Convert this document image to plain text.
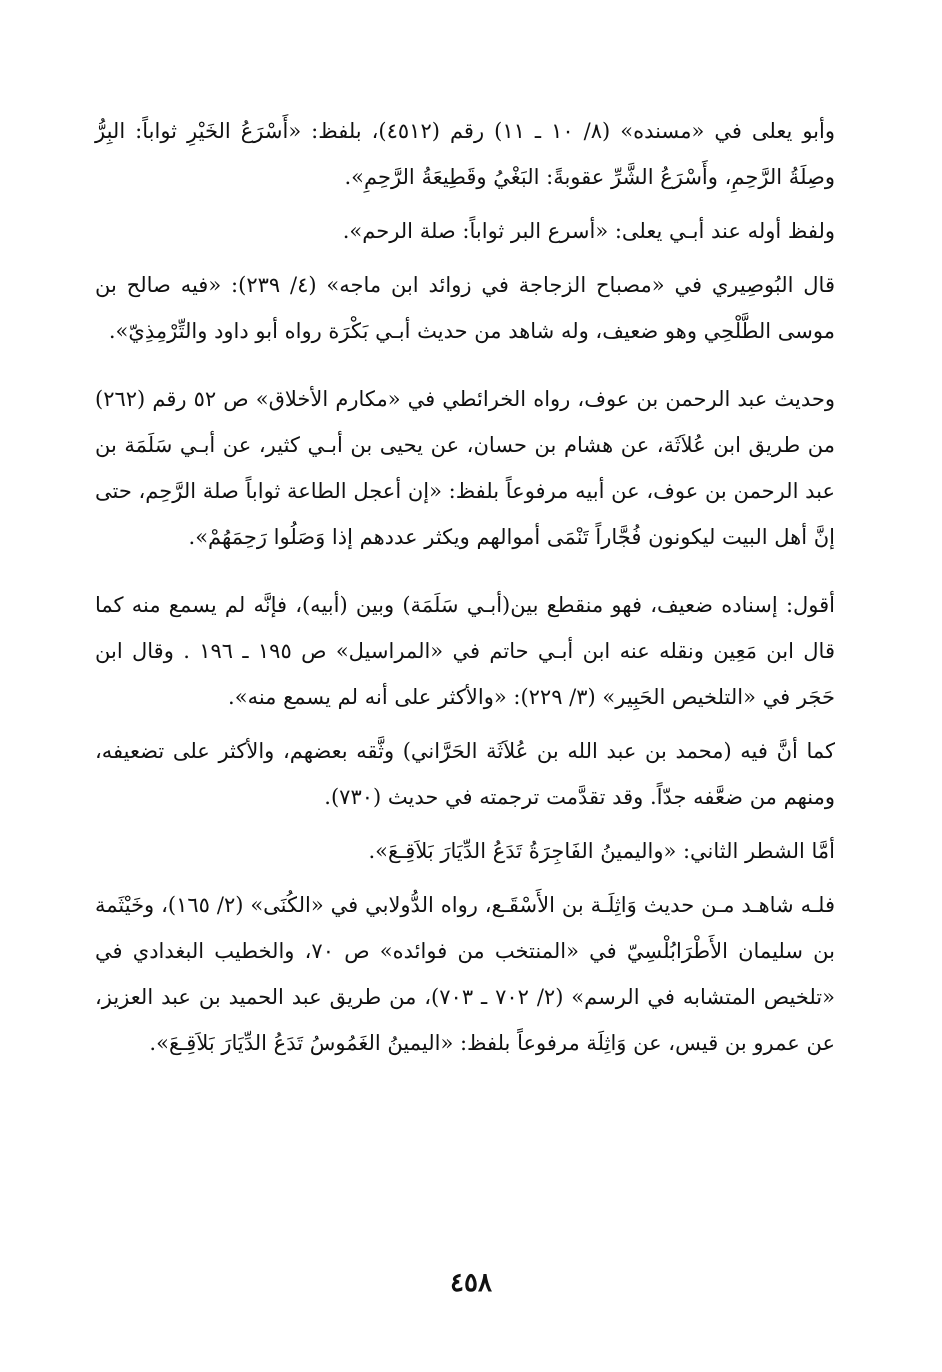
وأبو يعلى في «مسنده» (٨/ ١٠ ـ ١١) رقم (٤٥١٢)، بلفظ: «أَسْرَعُ الخَيْرِ ثواباً: البِرُّ وصِلَةُ الرَّحِمِ، وأَسْرَعُ الشَّرِّ عقوبةً: البَغْيُ وقَطِيعَةُ الرَّحِمِ».

ولفظ أوله عند أبـي يعلى: «أسرع البر ثواباً: صلة الرحم».

قال البُوصِيري في «مصباح الزجاجة في زوائد ابن ماجه» (٤/ ٢٣٩): «فيه صالح بن موسى الطَّلْحِي وهو ضعيف، وله شاهد من حديث أبـي بَكْرَة رواه أبو داود والتِّرْمِذِيّ».

وحديث عبد الرحمن بن عوف، رواه الخرائطي في «مكارم الأخلاق» ص ٥٢ رقم (٢٦٢) من طريق ابن عُلاَثَة، عن هشام بن حسان، عن يحيى بن أبـي كثير، عن أبـي سَلَمَة بن عبد الرحمن بن عوف، عن أبيه مرفوعاً بلفظ: «إن أعجل الطاعة ثواباً صلة الرَّحِم، حتى إنَّ أهل البيت ليكونون فُجَّاراً تَنْمَى أموالهم ويكثر عددهم إذا وَصَلُوا رَحِمَهُمْ».

أقول: إسناده ضعيف، فهو منقطع بين(أبـي سَلَمَة) وبين (أبيه)، فإنَّه لم يسمع منه كما قال ابن مَعِين ونقله عنه ابن أبـي حاتم في «المراسيل» ص ١٩٥ ـ ١٩٦ . وقال ابن حَجَر في «التلخيص الحَبِير» (٣/ ٢٢٩): «والأكثر على أنه لم يسمع منه».

كما أنَّ فيه (محمد بن عبد الله بن عُلاَثَة الحَرَّاني) وثَّقه بعضهم، والأكثر على تضعيفه، ومنهم من ضعَّفه جدّاً. وقد تقدَّمت ترجمته في حديث (٧٣٠).

أمَّا الشطر الثاني: «واليمينُ الفَاجِرَةُ تَدَعُ الدِّيَارَ بَلاَقِـعَ».

فلـه شاهـد مـن حديث وَاثِلَـة بن الأَسْقَـع، رواه الدُّولابي في «الكُنَى» (٢/ ١٦٥)، وخَيْثَمة بن سليمان الأَطْرَابُلْسِيّ في «المنتخب من فوائده» ص ٧٠، والخطيب البغدادي في «تلخيص المتشابه في الرسم» (٢/ ٧٠٢ ـ ٧٠٣)، من طريق عبد الحميد بن عبد العزيز، عن عمرو بن قيس، عن وَاثِلَة مرفوعاً بلفظ: «اليمينُ الغَمُوسُ تَدَعُ الدِّيَارَ بَلاَقِـعَ».

٤٥٨
